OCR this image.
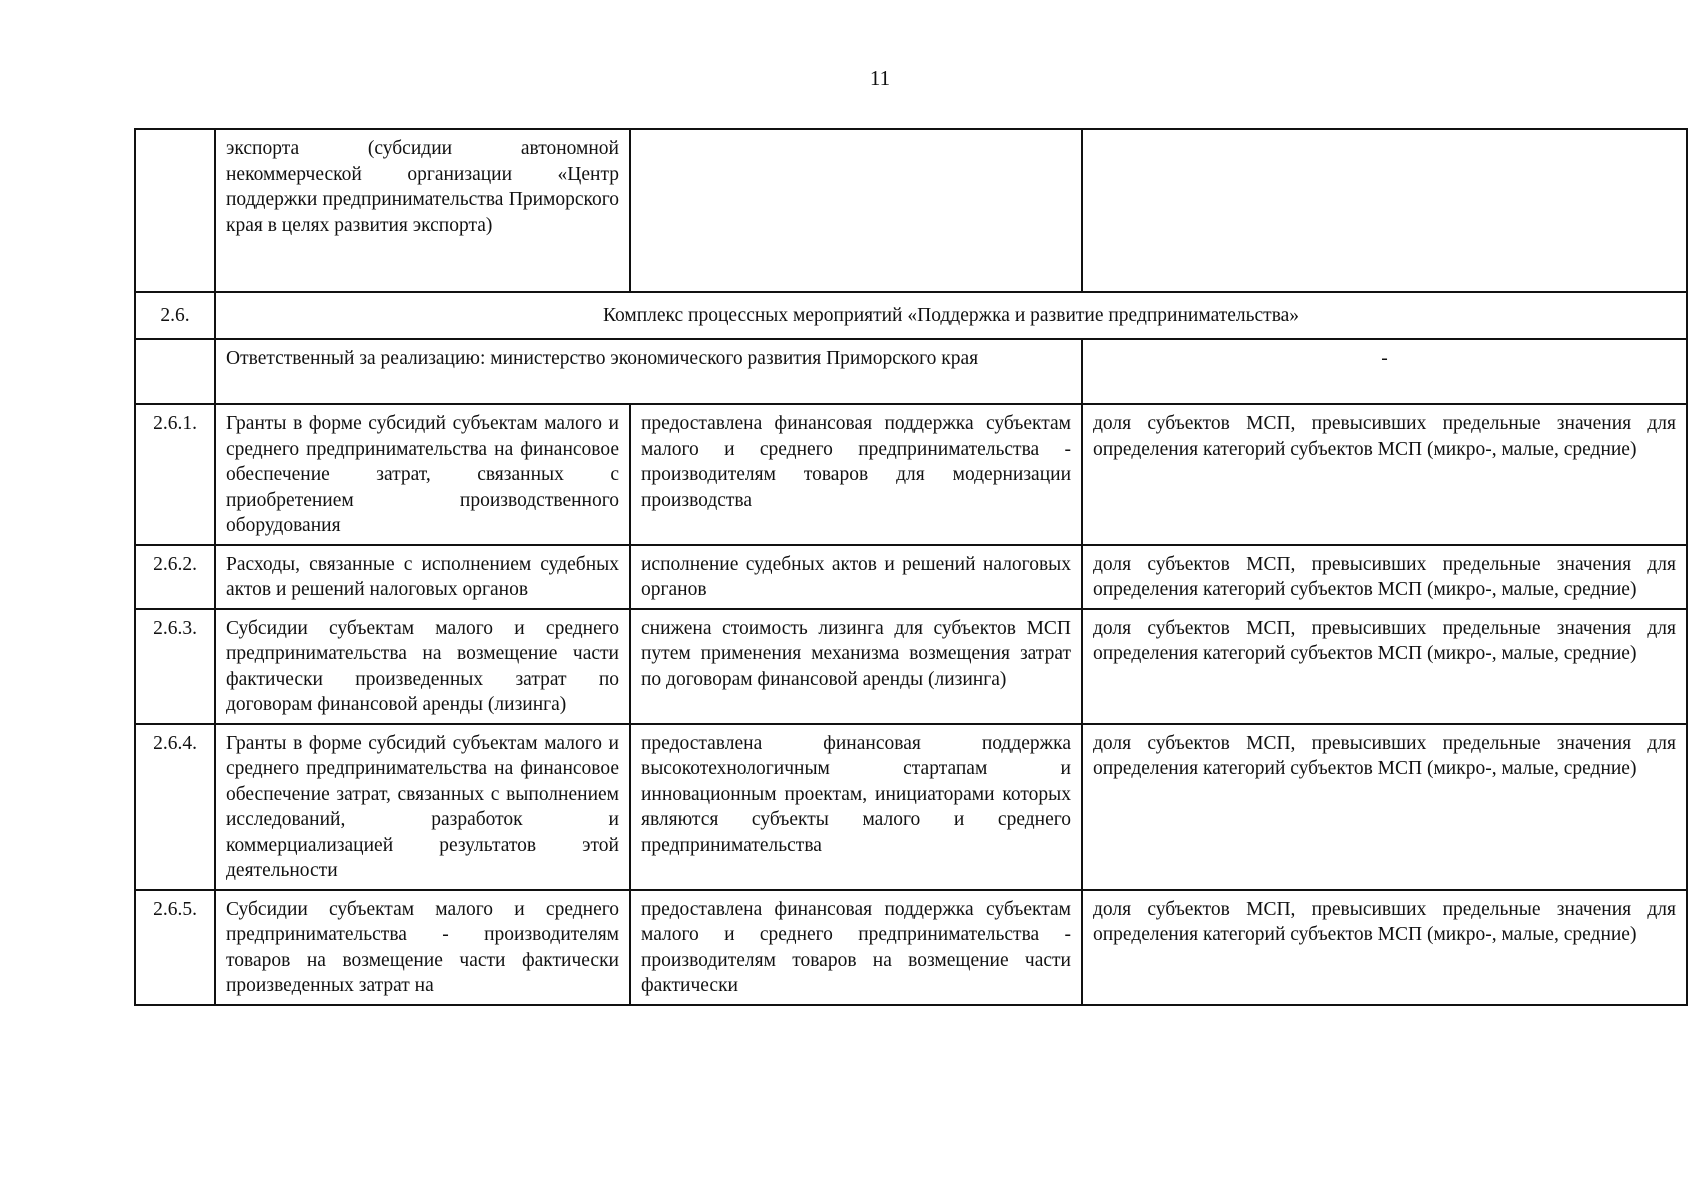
11
	экспорта (субсидии автономной некоммерческой организации «Центр поддержки предпринимательства Приморского края в целях развития экспорта)		
2.6.	Комплекс процессных мероприятий «Поддержка и развитие предпринимательства»		
	Ответственный за реализацию: министерство экономического развития Приморского края		-
2.6.1.	Гранты в форме субсидий субъектам малого и среднего предпринимательства на финансовое обеспечение затрат, связанных с приобретением производственного оборудования	предоставлена финансовая поддержка субъектам малого и среднего предпринимательства - производителям товаров для модернизации производства	доля субъектов МСП, превысивших предельные значения для определения категорий субъектов МСП (микро-, малые, средние)
2.6.2.	Расходы, связанные с исполнением судебных актов и решений налоговых органов	исполнение судебных актов и решений налоговых органов	доля субъектов МСП, превысивших предельные значения для определения категорий субъектов МСП (микро-, малые, средние)
2.6.3.	Субсидии субъектам малого и среднего предпринимательства на возмещение части фактически произведенных затрат по договорам финансовой аренды (лизинга)	снижена стоимость лизинга для субъектов МСП путем применения механизма возмещения затрат по договорам финансовой аренды (лизинга)	доля субъектов МСП, превысивших предельные значения для определения категорий субъектов МСП (микро-, малые, средние)
2.6.4.	Гранты в форме субсидий субъектам малого и среднего предпринимательства на финансовое обеспечение затрат, связанных с выполнением исследований, разработок и коммерциализацией результатов этой деятельности	предоставлена финансовая поддержка высокотехнологичным стартапам и инновационным проектам, инициаторами которых являются субъекты малого и среднего предпринимательства	доля субъектов МСП, превысивших предельные значения для определения категорий субъектов МСП (микро-, малые, средние)
2.6.5.	Субсидии субъектам малого и среднего предпринимательства - производителям товаров на возмещение части фактически произведенных затрат на	предоставлена финансовая поддержка субъектам малого и среднего предпринимательства - производителям товаров на возмещение части фактически	доля субъектов МСП, превысивших предельные значения для определения категорий субъектов МСП (микро-, малые, средние)
